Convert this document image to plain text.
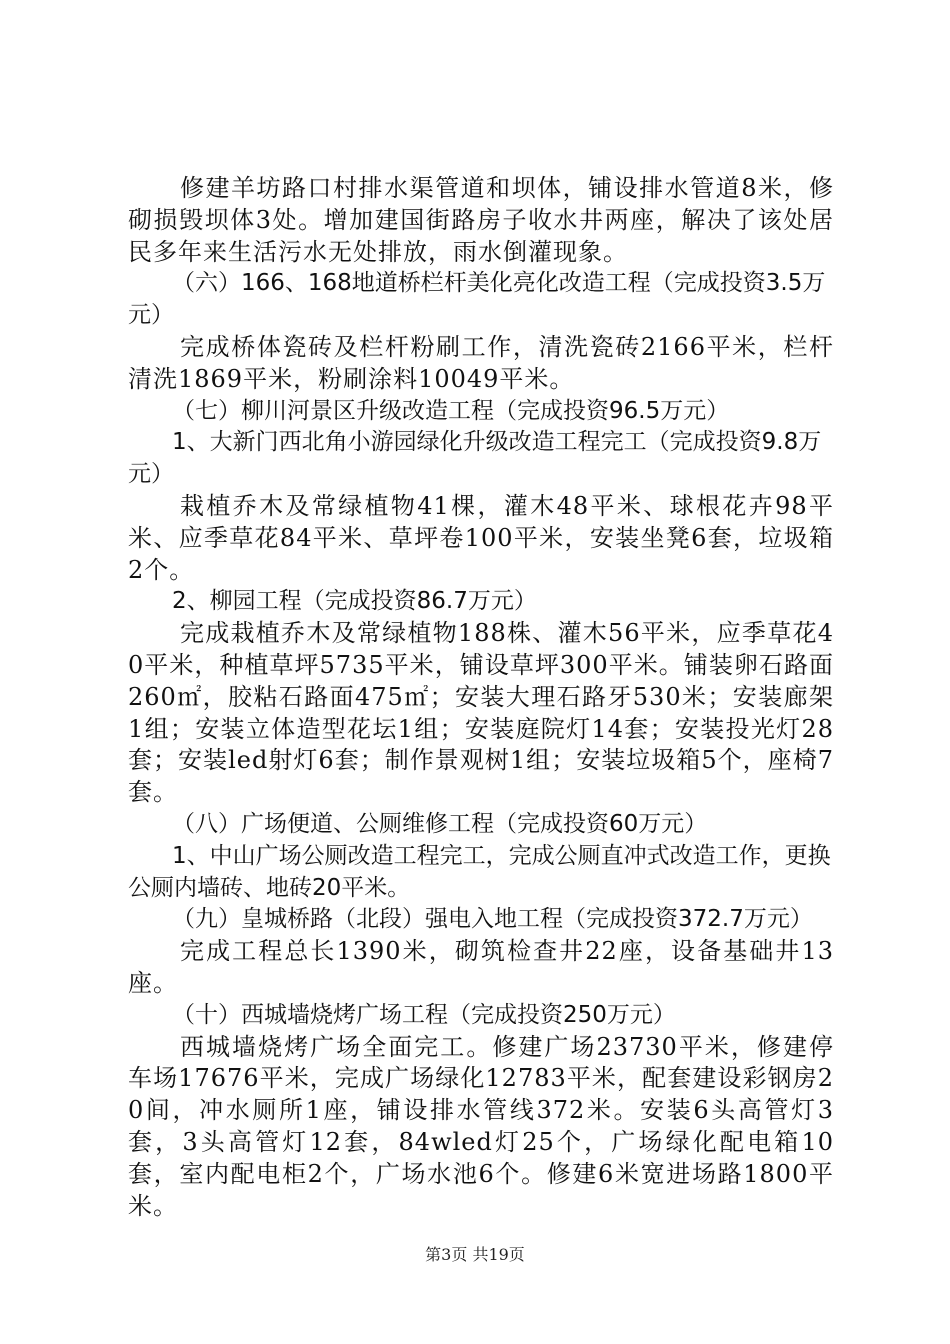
修建羊坊路口村排水渠管道和坝体，铺设排水管道8米，修砌损毁坝体3处。增加建国街路房子收水井两座，解决了该处居民多年来生活污水无处排放，雨水倒灌现象。

（六）166、168地道桥栏杆美化亮化改造工程（完成投资3.5万元）

完成桥体瓷砖及栏杆粉刷工作，清洗瓷砖2166平米，栏杆清洗1869平米，粉刷涂料10049平米。

（七）柳川河景区升级改造工程（完成投资96.5万元）

1、大新门西北角小游园绿化升级改造工程完工（完成投资9.8万元）

栽植乔木及常绿植物41棵，灌木48平米、球根花卉98平米、应季草花84平米、草坪卷100平米，安装坐凳6套，垃圾箱2个。

2、柳园工程（完成投资86.7万元）

完成栽植乔木及常绿植物188株、灌木56平米，应季草花40平米，种植草坪5735平米，铺设草坪300平米。铺装卵石路面260㎡，胶粘石路面475㎡；安装大理石路牙530米；安装廊架1组；安装立体造型花坛1组；安装庭院灯14套；安装投光灯28套；安装led射灯6套；制作景观树1组；安装垃圾箱5个，座椅7套。

（八）广场便道、公厕维修工程（完成投资60万元）

1、中山广场公厕改造工程完工，完成公厕直冲式改造工作，更换公厕内墙砖、地砖20平米。

（九）皇城桥路（北段）强电入地工程（完成投资372.7万元）

完成工程总长1390米，砌筑检查井22座，设备基础井13座。

（十）西城墙烧烤广场工程（完成投资250万元）

西城墙烧烤广场全面完工。修建广场23730平米，修建停车场17676平米，完成广场绿化12783平米，配套建设彩钢房20间，冲水厕所1座，铺设排水管线372米。安装6头高管灯3套，3头高管灯12套，84wled灯25个，广场绿化配电箱10套，室内配电柜2个，广场水池6个。修建6米宽进场路1800平米。

第3页 共19页
